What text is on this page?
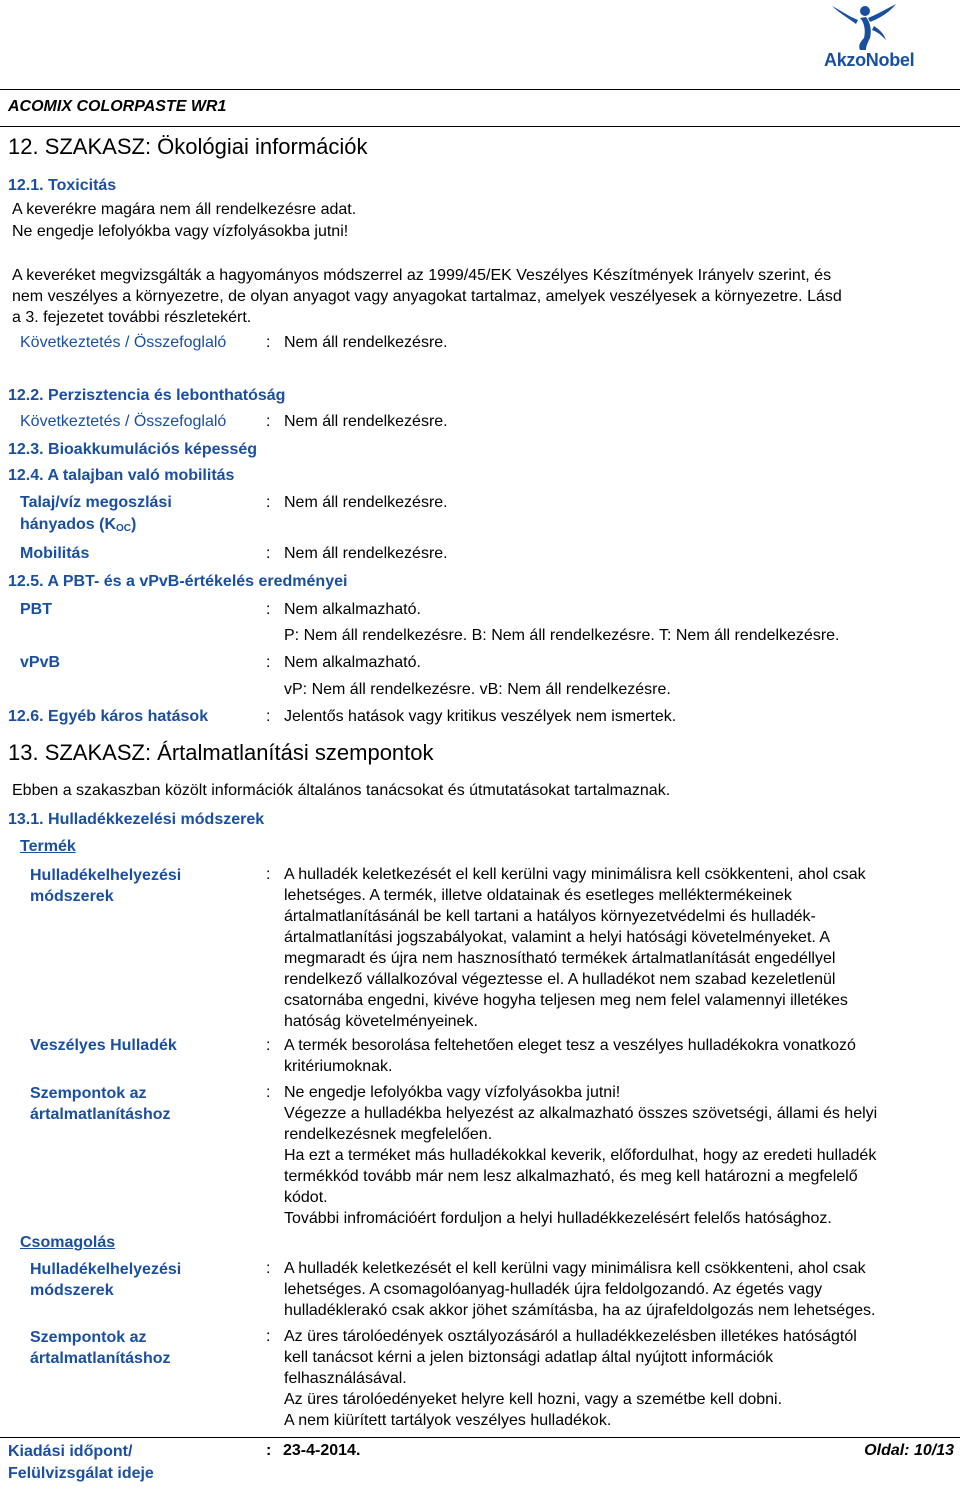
AkzoNobel
ACOMIX COLORPASTE WR1
12. SZAKASZ: Ökológiai információk
12.1. Toxicitás
A keverékre magára nem áll rendelkezésre adat.
Ne engedje lefolyókba vagy vízfolyásokba jutni!
A keveréket megvizsgálták a hagyományos módszerrel az 1999/45/EK Veszélyes Készítmények Irányelv szerint, és
nem veszélyes a környezetre, de olyan anyagot vagy anyagokat tartalmaz, amelyek veszélyesek a környezetre. Lásd
a 3. fejezetet további részletekért.
Következtetés / Összefoglaló : Nem áll rendelkezésre.
12.2. Perzisztencia és lebonthatóság
Következtetés / Összefoglaló : Nem áll rendelkezésre.
12.3. Bioakkumulációs képesség
12.4. A talajban való mobilitás
Talaj/víz megoszlási
hányados (KOC)
: Nem áll rendelkezésre.
Mobilitás	: Nem áll rendelkezésre.
12.5. A PBT- és a vPvB-értékelés eredményei
PBT	: Nem alkalmazható.
P: Nem áll rendelkezésre. B: Nem áll rendelkezésre. T: Nem áll rendelkezésre.
vPvB	: Nem alkalmazható.
vP: Nem áll rendelkezésre. vB: Nem áll rendelkezésre.
12.6. Egyéb káros hatások	: Jelentős hatások vagy kritikus veszélyek nem ismertek.
13. SZAKASZ: Ártalmatlanítási szempontok
Ebben a szakaszban közölt információk általános tanácsokat és útmutatásokat tartalmaznak.
13.1. Hulladékkezelési módszerek
Termék
Hulladékelhelyezési
módszerek
: A hulladék keletkezését el kell kerülni vagy minimálisra kell csökkenteni, ahol csak
lehetséges. A termék, illetve oldatainak és esetleges melléktermékeinek
ártalmatlanításánál be kell tartani a hatályos környezetvédelmi és hulladék-
ártalmatlanítási jogszabályokat, valamint a helyi hatósági követelményeket. A
megmaradt és újra nem hasznosítható termékek ártalmatlanítását engedéllyel
rendelkező vállalkozóval végeztesse el. A hulladékot nem szabad kezeletlenül
csatornába engedni, kivéve hogyha teljesen meg nem felel valamennyi illetékes
hatóság követelményeinek.
Veszélyes Hulladék	: A termék besorolása feltehetően eleget tesz a veszélyes hulladékokra vonatkozó
kritériumoknak.
Szempontok az
ártalmatlanításhoz
: Ne engedje lefolyókba vagy vízfolyásokba jutni!
Végezze a hulladékba helyezést az alkalmazható összes szövetségi, állami és helyi
rendelkezésnek megfelelően.
Ha ezt a terméket más hulladékokkal keverik, előfordulhat, hogy az eredeti hulladék
termékkód tovább már nem lesz alkalmazható, és meg kell határozni a megfelelő
kódot.
További infromációért forduljon a helyi hulladékkezelésért felelős hatósághoz.
Csomagolás
Hulladékelhelyezési
módszerek
: A hulladék keletkezését el kell kerülni vagy minimálisra kell csökkenteni, ahol csak
lehetséges. A csomagolóanyag-hulladék újra feldolgozandó. Az égetés vagy
hulladéklerakó csak akkor jöhet számításba, ha az újrafeldolgozás nem lehetséges.
Szempontok az
ártalmatlanításhoz
: Az üres tárolóedények osztályozásáról a hulladékkezelésben illetékes hatóságtól
kell tanácsot kérni a jelen biztonsági adatlap által nyújtott információk
felhasználásával.
Az üres tárolóedényeket helyre kell hozni, vagy a szemétbe kell dobni.
A nem kiürített tartályok veszélyes hulladékok.
Kiadási időpont/
Felülvizsgálat ideje
: 23-4-2014.	Oldal: 10/13
